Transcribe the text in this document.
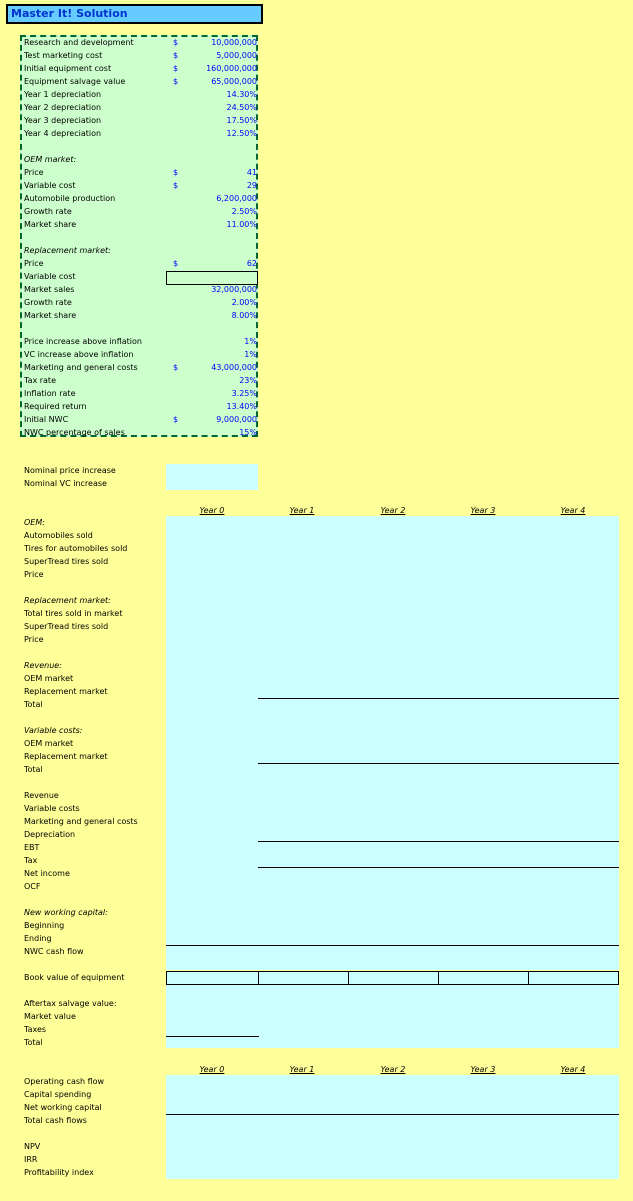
Master It! Solution
Nominal price increase
Nominal VC increase
Research and development	$	10,000,000
Test marketing cost	$	5,000,000
Initial equipment cost	$	160,000,000
Equipment salvage value	$	65,000,000
Year 1 depreciation	14.30%
Year 2 depreciation	24.50%
Year 3 depreciation	17.50%
Year 4 depreciation	12.50%
OEM market:
Price	$	41
Variable cost	$	29
Automobile production	6,200,000
Growth rate	2.50%
Market share	11.00%
Replacement market:
Price	$	62
Variable cost
Market sales	32,000,000
Growth rate	2.00%
Market share	8.00%
Price increase above inflation	1%
VC increase above inflation	1%
Marketing and general costs	$	43,000,000
Tax rate	23%
Inflation rate	3.25%
Required return	13.40%
Initial NWC	$	9,000,000
NWC percentage of sales	15%
Year 0	Year 1	Year 2	Year 3	Year 4
Year 0	Year 1	Year 2	Year 3	Year 4
OEM:
Automobiles sold
Tires for automobiles sold
SuperTread tires sold
Price
Replacement market:
Total tires sold in market
SuperTread tires sold
Price
Revenue:
OEM market
Replacement market
Total
Variable costs:
OEM market
Replacement market
Total
Revenue
Variable costs
Marketing and general costs
Depreciation
EBT
Tax
Net income
OCF
New working capital:
Beginning
Ending
NWC cash flow
Book value of equipment
Aftertax salvage value:
Market value
Taxes
Total
Operating cash flow
Capital spending
Net working capital
Total cash flows
NPV
IRR
Profitability index
